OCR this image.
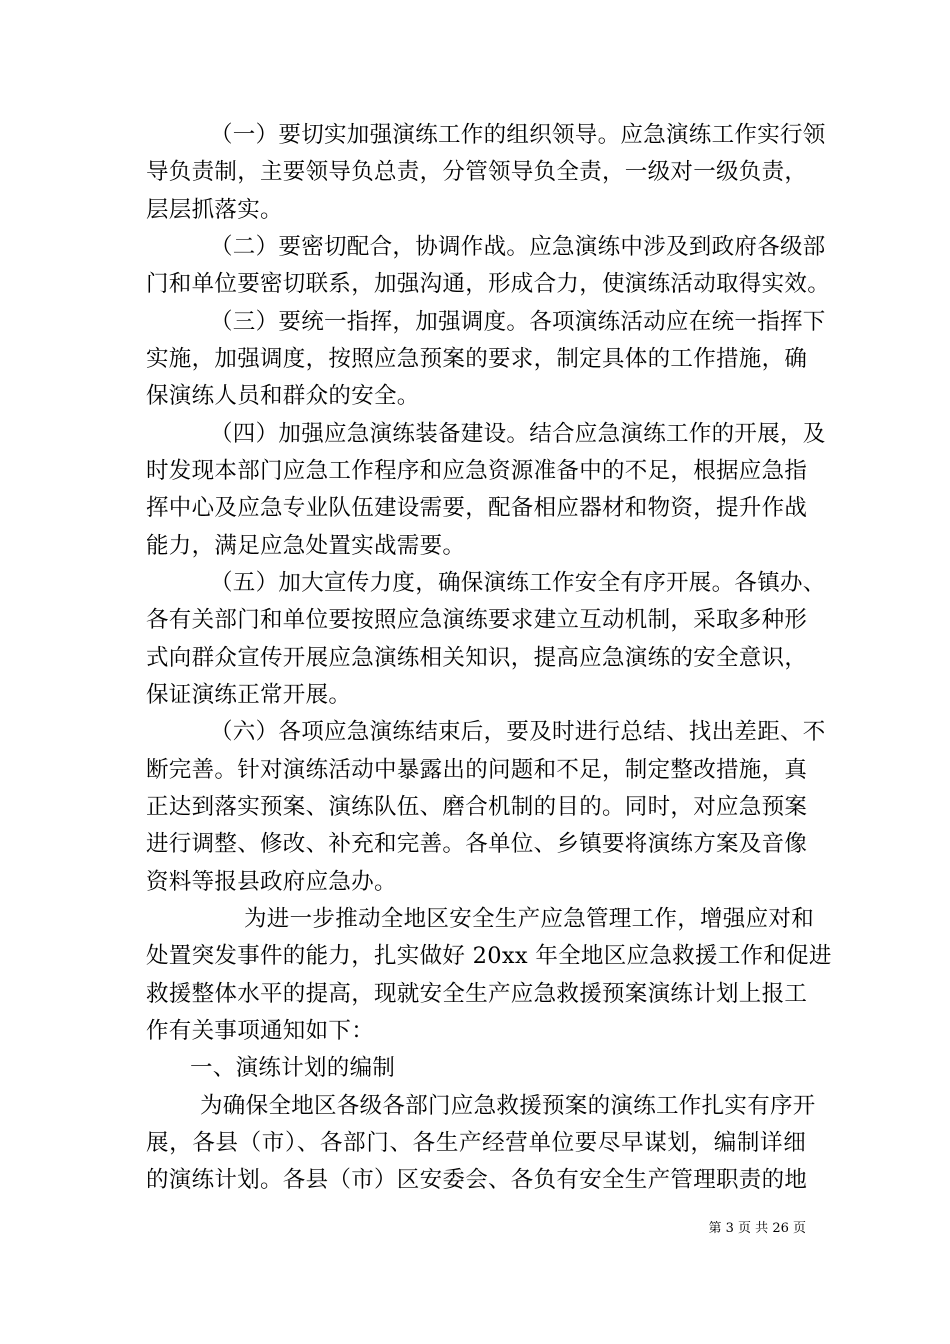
（一）要切实加强演练工作的组织领导。应急演练工作实行领
导负责制，主要领导负总责，分管领导负全责，一级对一级负责，
层层抓落实。
（二）要密切配合，协调作战。应急演练中涉及到政府各级部
门和单位要密切联系，加强沟通，形成合力，使演练活动取得实效。
（三）要统一指挥，加强调度。各项演练活动应在统一指挥下
实施，加强调度，按照应急预案的要求，制定具体的工作措施，确
保演练人员和群众的安全。
（四）加强应急演练装备建设。结合应急演练工作的开展，及
时发现本部门应急工作程序和应急资源准备中的不足，根据应急指
挥中心及应急专业队伍建设需要，配备相应器材和物资，提升作战
能力，满足应急处置实战需要。
（五）加大宣传力度，确保演练工作安全有序开展。各镇办、
各有关部门和单位要按照应急演练要求建立互动机制，采取多种形
式向群众宣传开展应急演练相关知识，提高应急演练的安全意识，
保证演练正常开展。
（六）各项应急演练结束后，要及时进行总结、找出差距、不
断完善。针对演练活动中暴露出的问题和不足，制定整改措施，真
正达到落实预案、演练队伍、磨合机制的目的。同时，对应急预案
进行调整、修改、补充和完善。各单位、乡镇要将演练方案及音像
资料等报县政府应急办。
为进一步推动全地区安全生产应急管理工作，增强应对和
处置突发事件的能力，扎实做好 20xx 年全地区应急救援工作和促进
救援整体水平的提高，现就安全生产应急救援预案演练计划上报工
作有关事项通知如下：
一、演练计划的编制
为确保全地区各级各部门应急救援预案的演练工作扎实有序开
展，各县（市）、各部门、各生产经营单位要尽早谋划，编制详细
的演练计划。各县（市）区安委会、各负有安全生产管理职责的地
第 3 页 共 26 页
